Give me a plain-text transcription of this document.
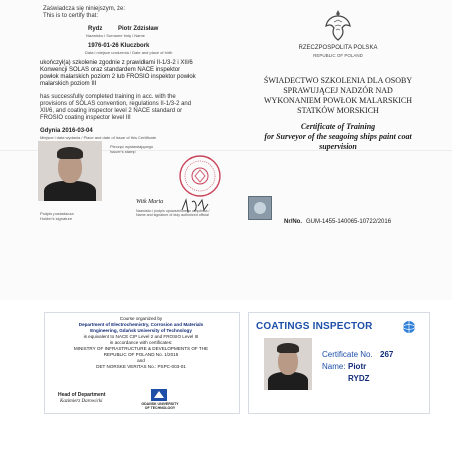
Zaświadcza się niniejszym, że:
This is to certify that:
Rydz	Piotr Zdzisław
Nazwisko i Surname Imię i Name
1976-01-26 Kluczbork
Data i miejsce urodzenia / Date and place of birth
ukończył(a) szkolenie zgodnie z prawidłami II-1/3-2 i XII/6 Konwencji SOLAS oraz standardem NACE inspektor powłok malarskich poziom 2 lub FROSIO inspektor powłok malarskich poziom III
has successfully completed training in acc. with the provisions of SOLAS convention, regulations II-1/3-2 and XII/6, and coating inspector level 2 NACE standard or FROSIO coating inspector level III
Gdynia 2016-03-04
Miejsce i data wydania / Place and date of issue of this Certificate
Podpis posiadacza
Holder's signature
Pieczęć wystawiającego
Issuer's stamp
Witk Maria
Nazwisko i podpis upoważnionego urzędnika / Name and signature of duly authorized official
RZECZPOSPOLITA POLSKA
REPUBLIC OF POLAND
ŚWIADECTWO SZKOLENIA DLA OSOBY
SPRAWUJĄCEJ NADZÓR NAD
WYKONANIEM POWŁOK MALARSKICH
STATKÓW MORSKICH
Certificate of Training
for Surveyor of the seagoing ships paint coat
supervision
Nr/No. GUM-1455-140065-10722/2016
Course organized by
Department of Electrochemistry, Corrosion and Materials
Engineering, Gdańsk University of Technology
is equivalent to NACE CIP Level 2 and FROSIO Level III
in accordance with certificates:
MINISTRY OF INFRASTRUCTURE & DEVELOPMENTS OF THE
REPUBLIC OF POLAND No. 1/2015
and
DET NORSKE VERITAS No.: PSPC-003-01
Head of Department
Kazimierz Darowicki	GDAŃSK UNIVERSITY
OF TECHNOLOGY
COATINGS INSPECTOR
Certificate No. 267
Name: Piotr
RYDZ
